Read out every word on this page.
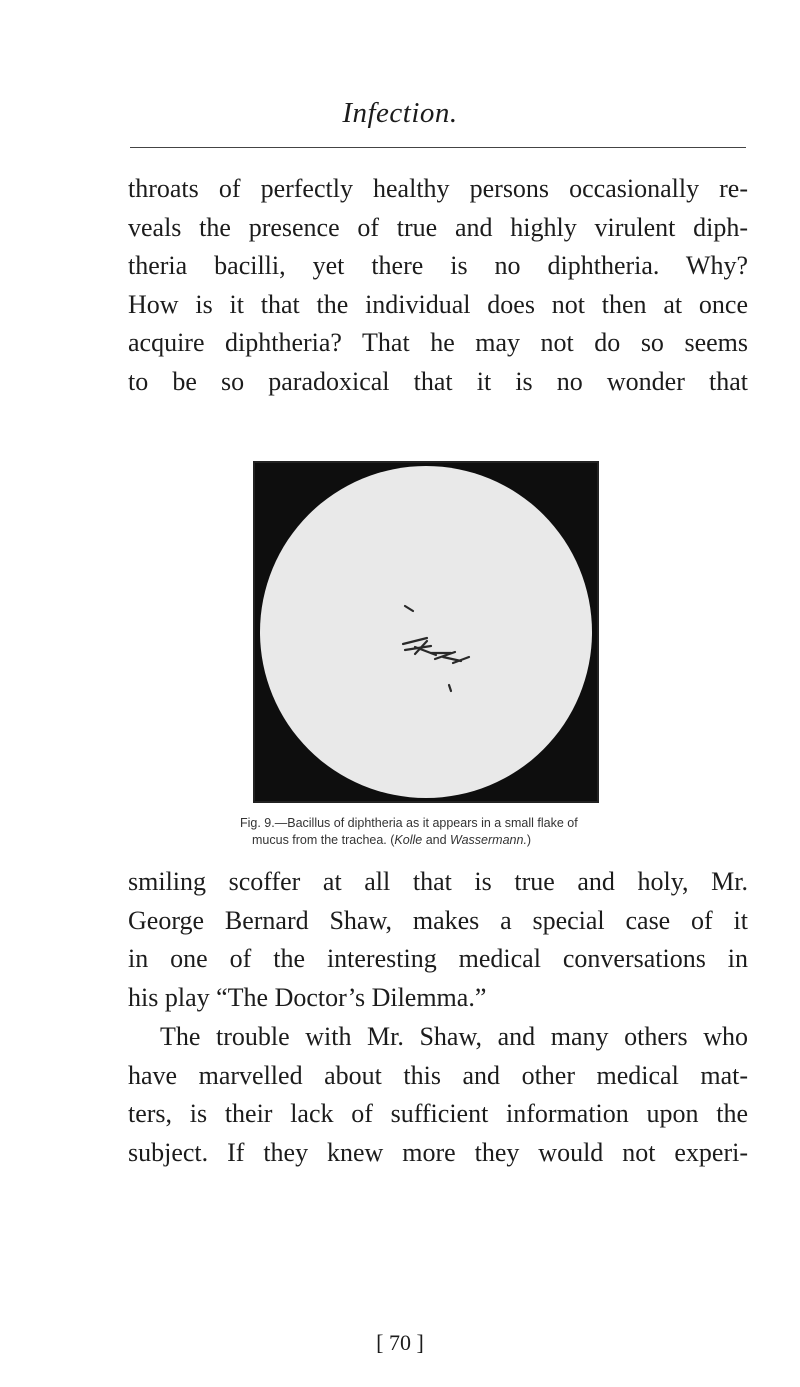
Infection.

throats of perfectly healthy persons occasionally re-
veals the presence of true and highly virulent diph-
theria bacilli, yet there is no diphtheria. Why?
How is it that the individual does not then at once
acquire diphtheria? That he may not do so seems
to be so paradoxical that it is no wonder that

Fig. 9.—Bacillus of diphtheria as it appears in a small flake of
mucus from the trachea. (Kolle and Wassermann.)

smiling scoffer at all that is true and holy, Mr.
George Bernard Shaw, makes a special case of it
in one of the interesting medical conversations in
his play “The Doctor’s Dilemma.”

The trouble with Mr. Shaw, and many others who
have marvelled about this and other medical mat-
ters, is their lack of sufficient information upon the
subject. If they knew more they would not experi-

[ 70 ]
